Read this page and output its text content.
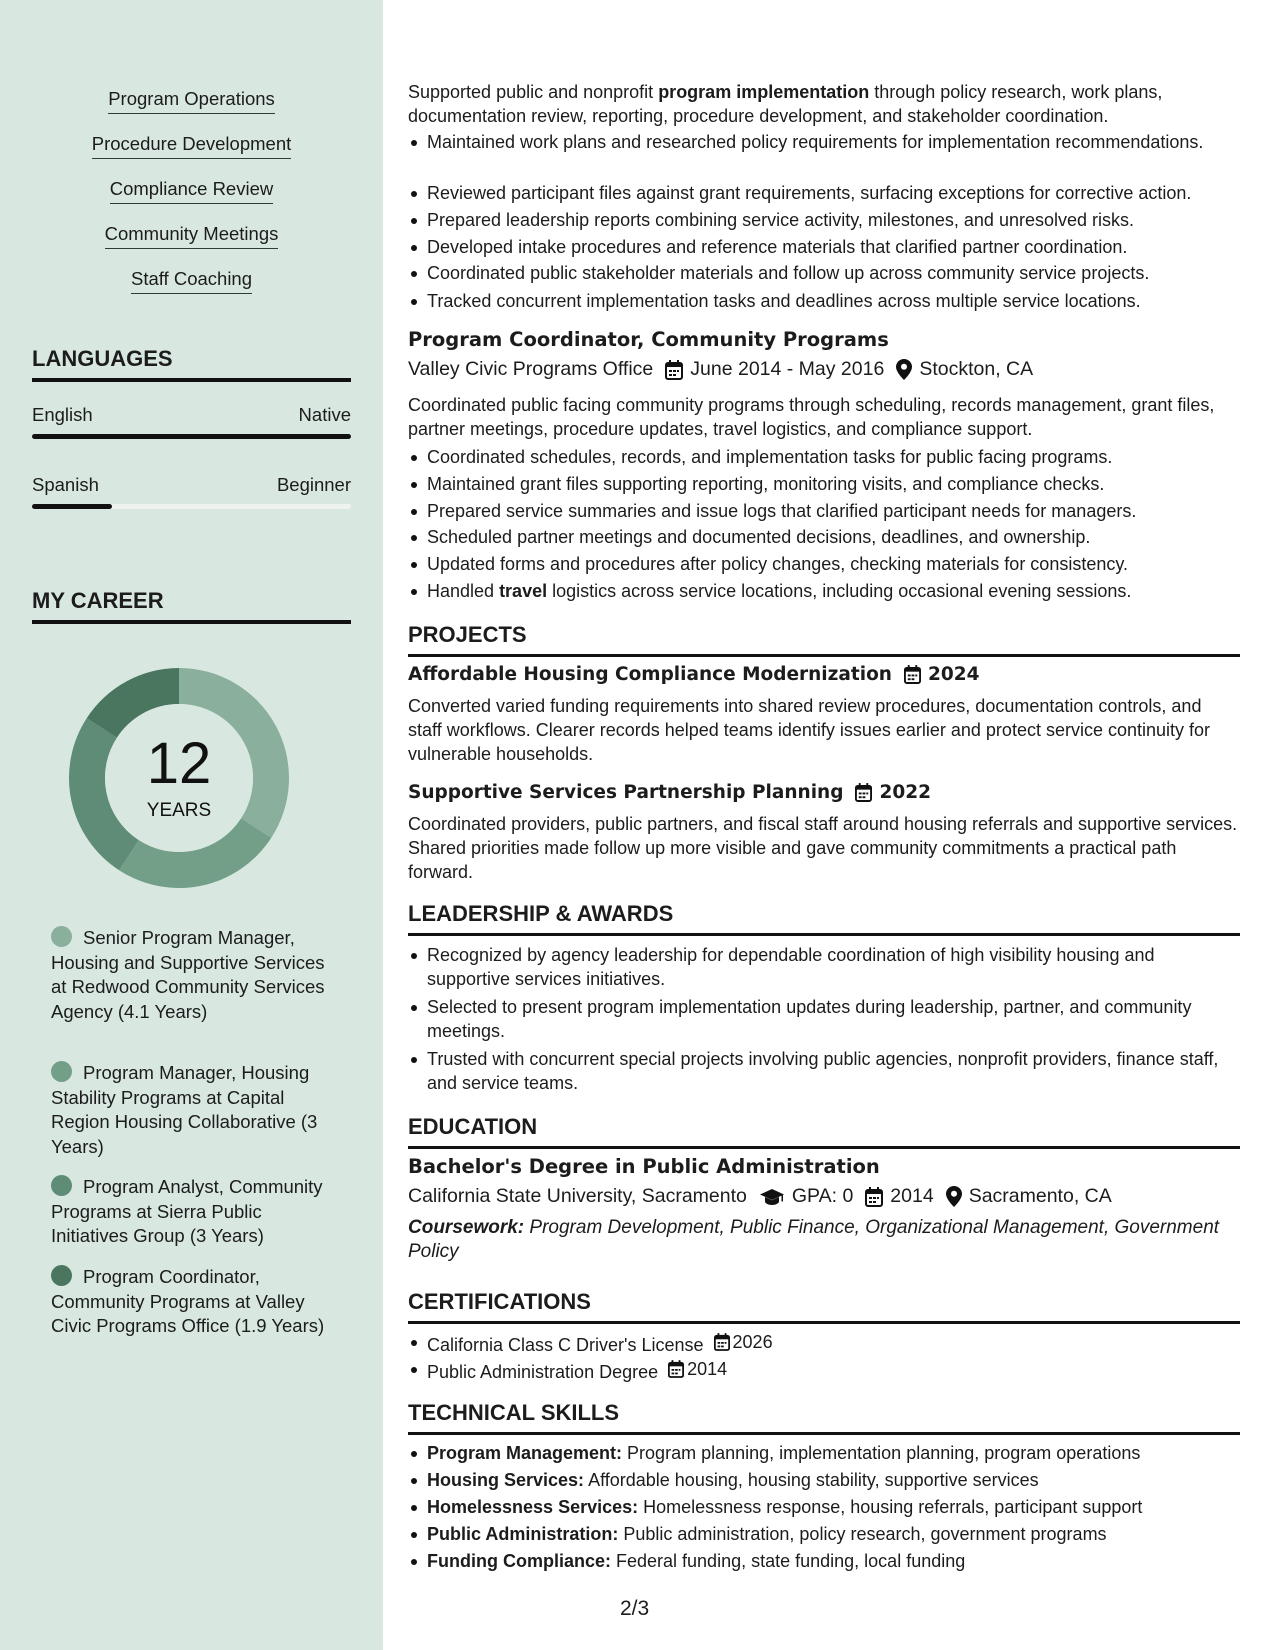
Program Operations
Procedure Development
Compliance Review
Community Meetings
Staff Coaching
LANGUAGES
English	Native
Spanish	Beginner
MY CAREER
12
YEARS
Senior Program Manager, Housing and Supportive Services at Redwood Community Services Agency (4.1 Years)
Program Manager, Housing Stability Programs at Capital Region Housing Collaborative (3 Years)
Program Analyst, Community Programs at Sierra Public Initiatives Group (3 Years)
Program Coordinator, Community Programs at Valley Civic Programs Office (1.9 Years)
Supported public and nonprofit program implementation through policy research, work plans, documentation review, reporting, procedure development, and stakeholder coordination.
Maintained work plans and researched policy requirements for implementation recommendations.
Reviewed participant files against grant requirements, surfacing exceptions for corrective action.
Prepared leadership reports combining service activity, milestones, and unresolved risks.
Developed intake procedures and reference materials that clarified partner coordination.
Coordinated public stakeholder materials and follow up across community service projects.
Tracked concurrent implementation tasks and deadlines across multiple service locations.
Program Coordinator, Community Programs
Valley Civic Programs Office June 2014 - May 2016 Stockton, CA
Coordinated public facing community programs through scheduling, records management, grant files, partner meetings, procedure updates, travel logistics, and compliance support.
Coordinated schedules, records, and implementation tasks for public facing programs.
Maintained grant files supporting reporting, monitoring visits, and compliance checks.
Prepared service summaries and issue logs that clarified participant needs for managers.
Scheduled partner meetings and documented decisions, deadlines, and ownership.
Updated forms and procedures after policy changes, checking materials for consistency.
Handled travel logistics across service locations, including occasional evening sessions.
PROJECTS
Affordable Housing Compliance Modernization 2024
Converted varied funding requirements into shared review procedures, documentation controls, and staff workflows. Clearer records helped teams identify issues earlier and protect service continuity for vulnerable households.
Supportive Services Partnership Planning 2022
Coordinated providers, public partners, and fiscal staff around housing referrals and supportive services. Shared priorities made follow up more visible and gave community commitments a practical path forward.
LEADERSHIP & AWARDS
Recognized by agency leadership for dependable coordination of high visibility housing and supportive services initiatives.
Selected to present program implementation updates during leadership, partner, and community meetings.
Trusted with concurrent special projects involving public agencies, nonprofit providers, finance staff, and service teams.
EDUCATION
Bachelor's Degree in Public Administration
California State University, Sacramento GPA: 0 2014 Sacramento, CA
Coursework: Program Development, Public Finance, Organizational Management, Government Policy
CERTIFICATIONS
California Class C Driver's License 2026
Public Administration Degree 2014
TECHNICAL SKILLS
Program Management: Program planning, implementation planning, program operations
Housing Services: Affordable housing, housing stability, supportive services
Homelessness Services: Homelessness response, housing referrals, participant support
Public Administration: Public administration, policy research, government programs
Funding Compliance: Federal funding, state funding, local funding
2/3
